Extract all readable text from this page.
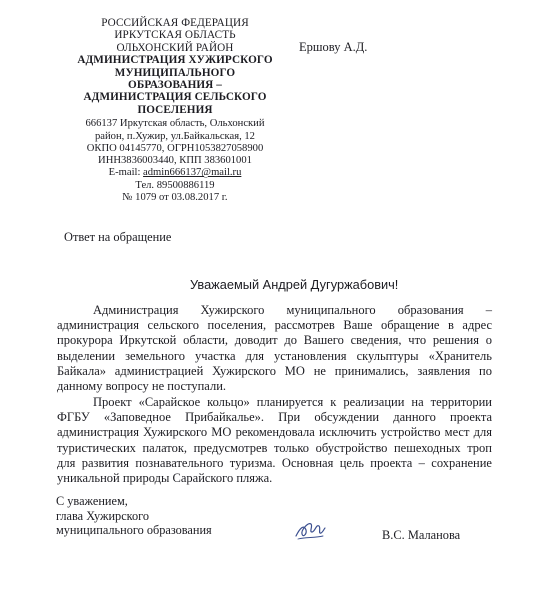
РОССИЙСКАЯ ФЕДЕРАЦИЯ
ИРКУТСКАЯ ОБЛАСТЬ
ОЛЬХОНСКИЙ РАЙОН
АДМИНИСТРАЦИЯ ХУЖИРСКОГО
МУНИЦИПАЛЬНОГО
ОБРАЗОВАНИЯ –
АДМИНИСТРАЦИЯ СЕЛЬСКОГО
ПОСЕЛЕНИЯ
666137 Иркутская область, Ольхонский
район, п.Хужир, ул.Байкальская, 12
ОКПО 04145770, ОГРН1053827058900
ИНН3836003440, КПП 383601001
E-mail: admin666137@mail.ru
Тел. 89500886119
№ 1079 от 03.08.2017 г.
Ершову А.Д.
Ответ на обращение
Уважаемый Андрей Дугуржабович!
Администрация Хужирского муниципального образования – администрация сельского поселения, рассмотрев Ваше обращение в адрес прокурора Иркутской области, доводит до Вашего сведения, что решения о выделении земельного участка для установления скульптуры «Хранитель Байкала» администрацией Хужирского МО не принимались, заявления по данному вопросу не поступали.
Проект «Сарайское кольцо» планируется к реализации на территории ФГБУ «Заповедное Прибайкалье». При обсуждении данного проекта администрация Хужирского МО рекомендовала исключить устройство мест для туристических палаток, предусмотрев только обустройство пешеходных троп для развития познавательного туризма. Основная цель проекта – сохранение уникальной природы Сарайского пляжа.
С уважением,
глава Хужирского
муниципального образования	В.С. Маланова
